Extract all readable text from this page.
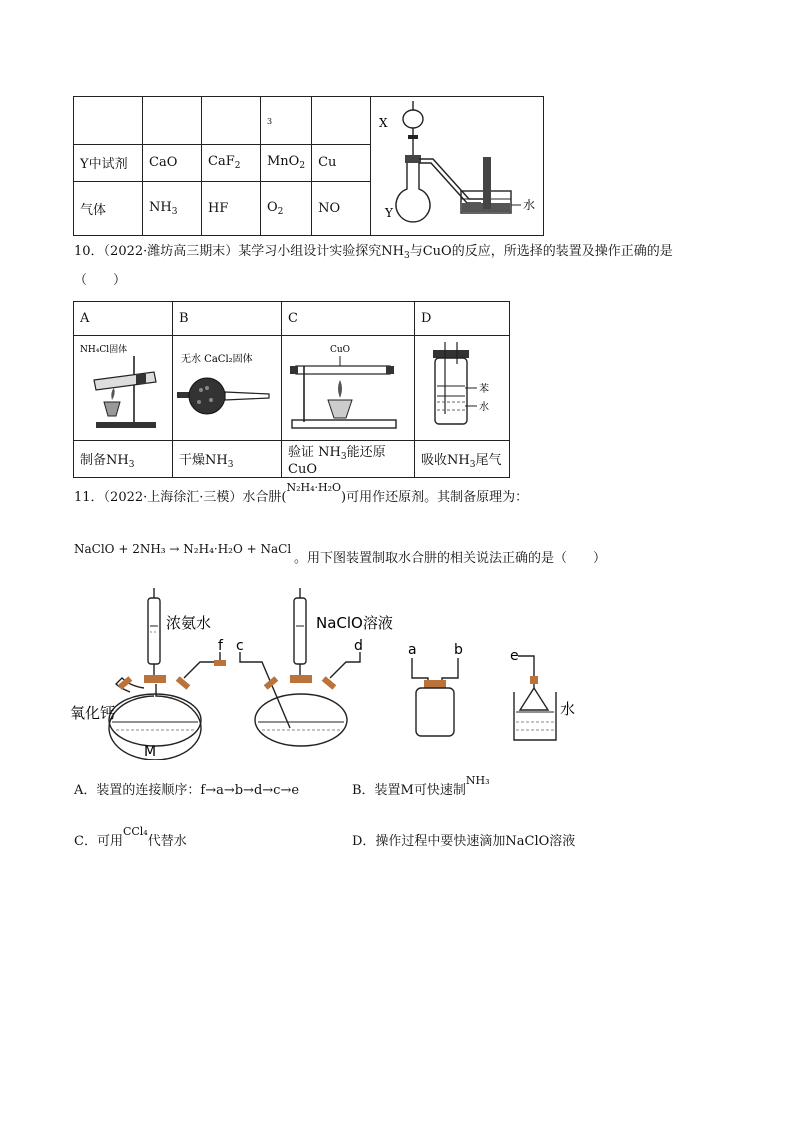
			3		X
Y
水

Y中试剂	CaO	CaF$_2$	MnO$_2$	Cu	
气体	$NH_3$	HF	$O_2$	NO	
10．（2022·潍坊高三期末）某学习小组设计实验探究$NH_3$与CuO的反应，所选择的装置及操作正确的是
（　　）
A	B	C	D

NH₄Cl固体	无水 CaCl₂固体	CuO	苯
水

制备$NH_3$	干燥$NH_3$	验证 $NH_3$能还原 CuO	吸收$NH_3$尾气
11．（2022·上海徐汇·三模）水合肼($^{N_2H_4\cdot H_2O}$)可用作还原剂。其制备原理为：
NaClO + 2NH₃ → N₂H₄·H₂O + NaCl
。用下图装置制取水合肼的相关说法正确的是（　　）
f
浓氨水
氧化钙
M
c	d
NaClO溶液
a	b	e
水
A．装置的连接顺序：f→a→b→d→c→e	B．装置M可快速制$^{NH_3}$
C．可用$^{CCl_4}$代替水	D．操作过程中要快速滴加NaClO溶液
